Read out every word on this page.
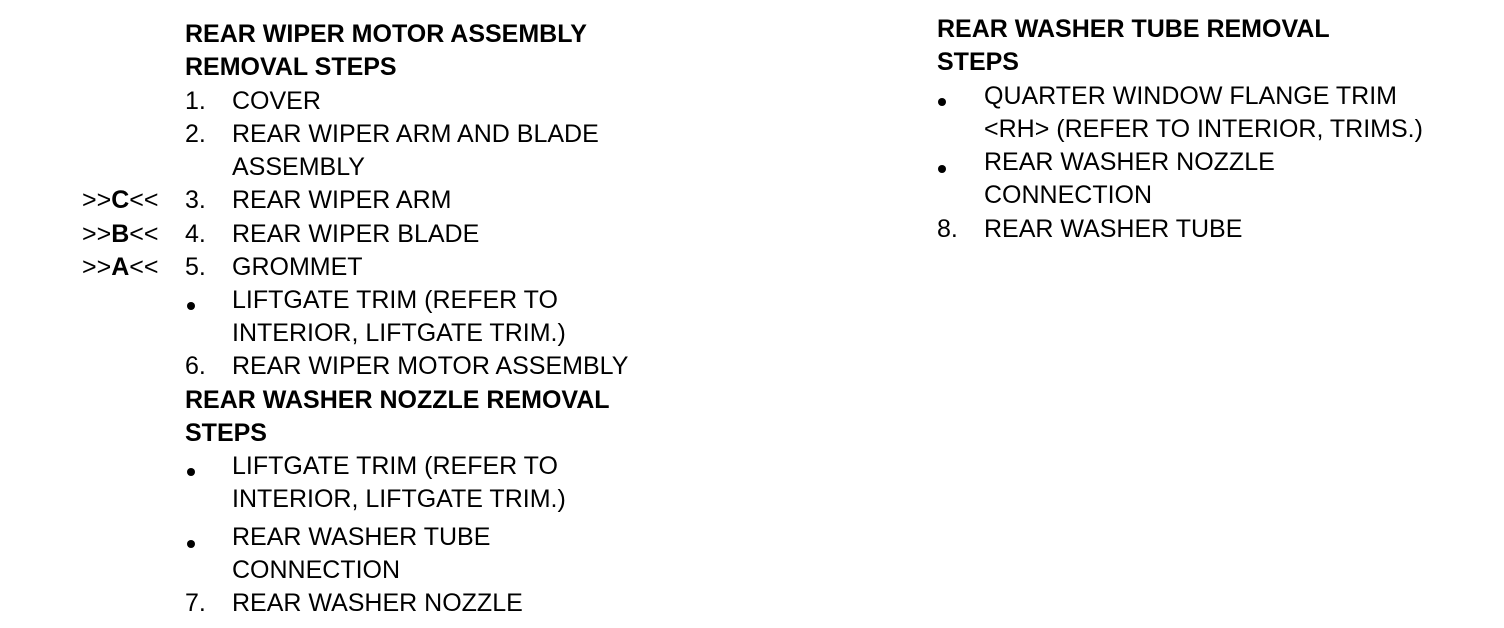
REAR WIPER MOTOR ASSEMBLY
REMOVAL STEPS
1. COVER
2. REAR WIPER ARM AND BLADE
ASSEMBLY
>>C<< 3. REAR WIPER ARM
>>B<< 4. REAR WIPER BLADE
>>A<< 5. GROMMET
LIFTGATE TRIM (REFER TO
INTERIOR, LIFTGATE TRIM.)
6. REAR WIPER MOTOR ASSEMBLY
REAR WASHER NOZZLE REMOVAL
STEPS
LIFTGATE TRIM (REFER TO
INTERIOR, LIFTGATE TRIM.)
REAR WASHER TUBE
CONNECTION
7. REAR WASHER NOZZLE
REAR WASHER TUBE REMOVAL
STEPS
QUARTER WINDOW FLANGE TRIM
<RH> (REFER TO INTERIOR, TRIMS.)
REAR WASHER NOZZLE
CONNECTION
8. REAR WASHER TUBE
